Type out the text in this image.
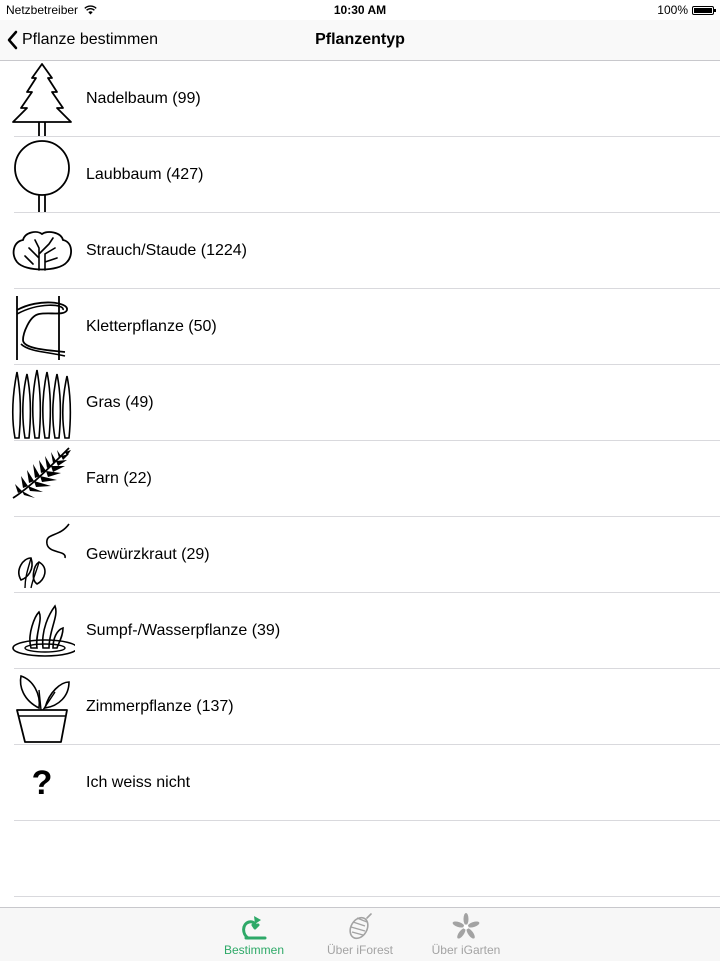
Netzbetreiber	10:30 AM	100%
Pflanze bestimmen	Pflanzentyp
Nadelbaum (99)
Laubbaum (427)
Strauch/Staude (1224)
Kletterpflanze (50)
Gras (49)
Farn (22)
Gewürzkraut (29)
Sumpf-/Wasserpflanze (39)
Zimmerpflanze (137)
? Ich weiss nicht
Bestimmen	Über iForest	Über iGarten
